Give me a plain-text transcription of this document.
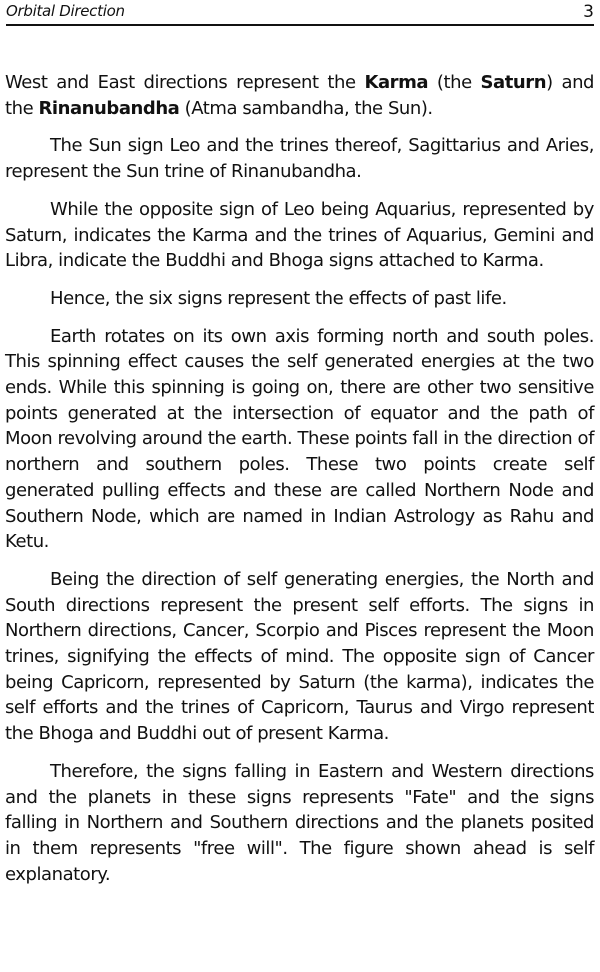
Orbital Direction	3

West and East directions represent the Karma (the Saturn) and the Rinanubandha (Atma sambandha, the Sun).

The Sun sign Leo and the trines thereof, Sagittarius and Aries, represent the Sun trine of Rinanubandha.

While the opposite sign of Leo being Aquarius, represented by Saturn, indicates the Karma and the trines of Aquarius, Gemini and Libra, indicate the Buddhi and Bhoga signs attached to Karma.

Hence, the six signs represent the effects of past life.

Earth rotates on its own axis forming north and south poles. This spinning effect causes the self generated energies at the two ends. While this spinning is going on, there are other two sensitive points generated at the intersection of equator and the path of Moon revolving around the earth. These points fall in the direction of northern and southern poles. These two points create self generated pulling effects and these are called Northern Node and Southern Node, which are named in Indian Astrology as Rahu and Ketu.

Being the direction of self generating energies, the North and South directions represent the present self efforts. The signs in Northern directions, Cancer, Scorpio and Pisces represent the Moon trines, signifying the effects of mind. The opposite sign of Cancer being Capricorn, represented by Saturn (the karma), indicates the self efforts and the trines of Capricorn, Taurus and Virgo represent the Bhoga and Buddhi out of present Karma.

Therefore, the signs falling in Eastern and Western directions and the planets in these signs represents "Fate" and the signs falling in Northern and Southern directions and the planets posited in them represents "free will". The figure shown ahead is self explanatory.
